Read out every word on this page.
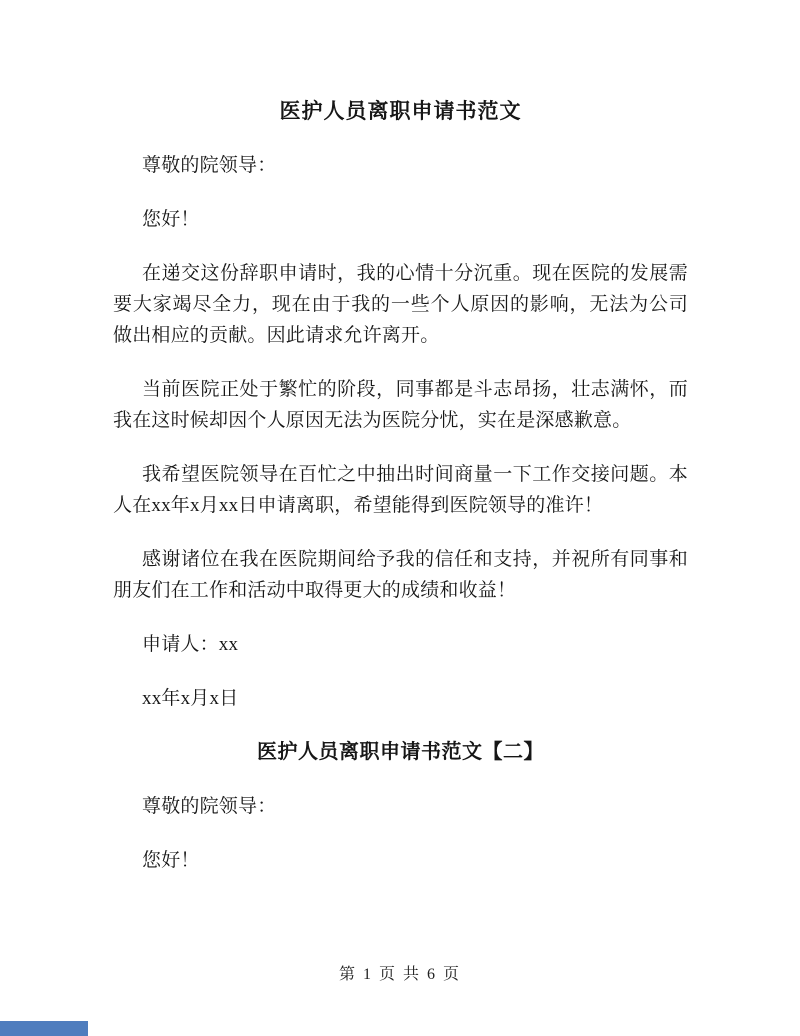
医护人员离职申请书范文

尊敬的院领导：

您好！

在递交这份辞职申请时，我的心情十分沉重。现在医院的发展需要大家竭尽全力，现在由于我的一些个人原因的影响，无法为公司做出相应的贡献。因此请求允许离开。

当前医院正处于繁忙的阶段，同事都是斗志昂扬，壮志满怀，而我在这时候却因个人原因无法为医院分忧，实在是深感歉意。

我希望医院领导在百忙之中抽出时间商量一下工作交接问题。本人在xx年x月xx日申请离职，希望能得到医院领导的准许！

感谢诸位在我在医院期间给予我的信任和支持，并祝所有同事和朋友们在工作和活动中取得更大的成绩和收益！

申请人：xx

xx年x月x日

医护人员离职申请书范文【二】

尊敬的院领导：

您好！

第 1 页 共 6 页
